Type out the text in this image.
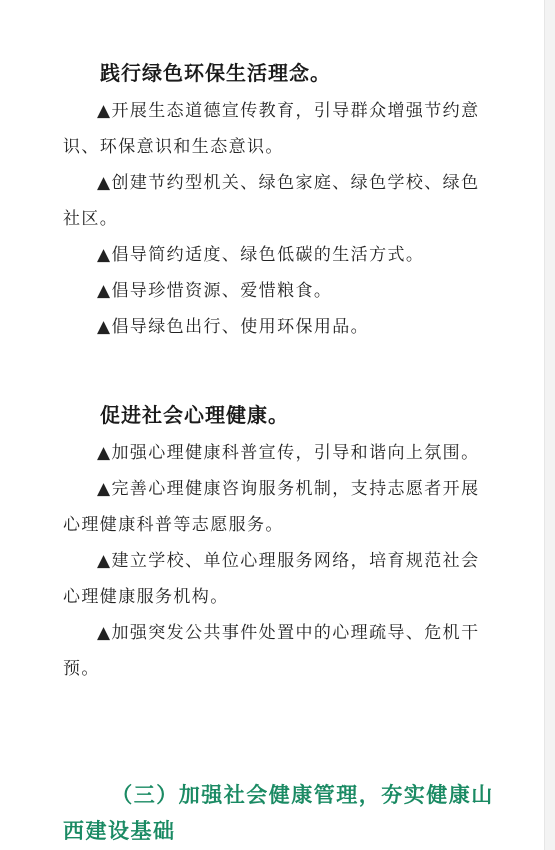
践行绿色环保生活理念。

▲开展生态道德宣传教育，引导群众增强节约意识、环保意识和生态意识。

▲创建节约型机关、绿色家庭、绿色学校、绿色社区。

▲倡导简约适度、绿色低碳的生活方式。

▲倡导珍惜资源、爱惜粮食。

▲倡导绿色出行、使用环保用品。

促进社会心理健康。

▲加强心理健康科普宣传，引导和谐向上氛围。

▲完善心理健康咨询服务机制，支持志愿者开展心理健康科普等志愿服务。

▲建立学校、单位心理服务网络，培育规范社会心理健康服务机构。

▲加强突发公共事件处置中的心理疏导、危机干预。

（三）加强社会健康管理，夯实健康山西建设基础
